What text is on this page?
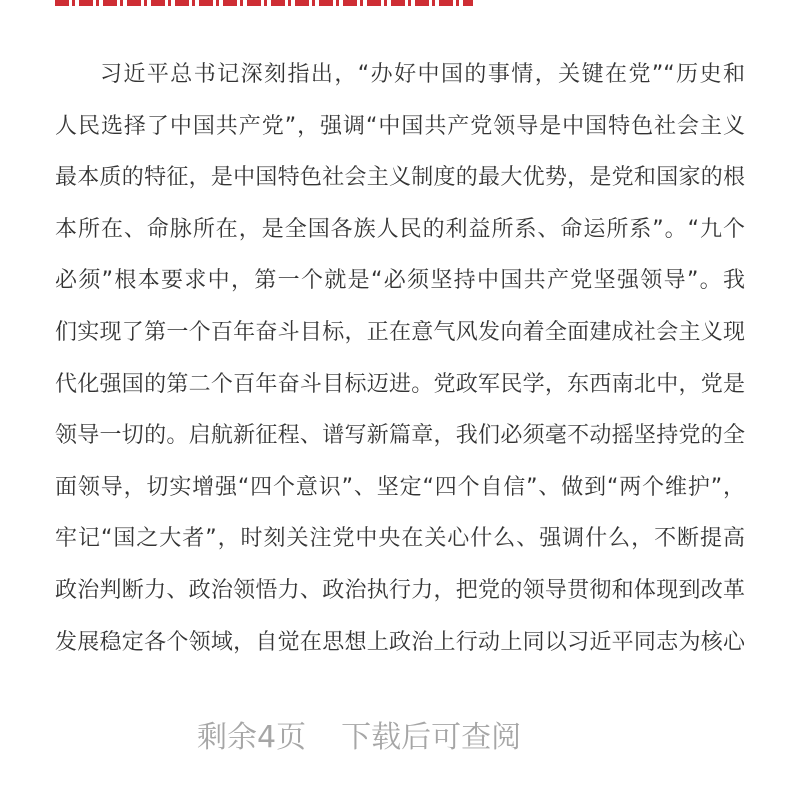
习近平总书记深刻指出，“办好中国的事情，关键在党”“历史和
人民选择了中国共产党”，强调“中国共产党领导是中国特色社会主义
最本质的特征，是中国特色社会主义制度的最大优势，是党和国家的根
本所在、命脉所在，是全国各族人民的利益所系、命运所系”。“九个
必须”根本要求中，第一个就是“必须坚持中国共产党坚强领导”。我
们实现了第一个百年奋斗目标，正在意气风发向着全面建成社会主义现
代化强国的第二个百年奋斗目标迈进。党政军民学，东西南北中，党是
领导一切的。启航新征程、谱写新篇章，我们必须毫不动摇坚持党的全
面领导，切实增强“四个意识”、坚定“四个自信”、做到“两个维护”，
牢记“国之大者”，时刻关注党中央在关心什么、强调什么，不断提高
政治判断力、政治领悟力、政治执行力，把党的领导贯彻和体现到改革
发展稳定各个领域，自觉在思想上政治上行动上同以习近平同志为核心
剩余4页 下载后可查阅
